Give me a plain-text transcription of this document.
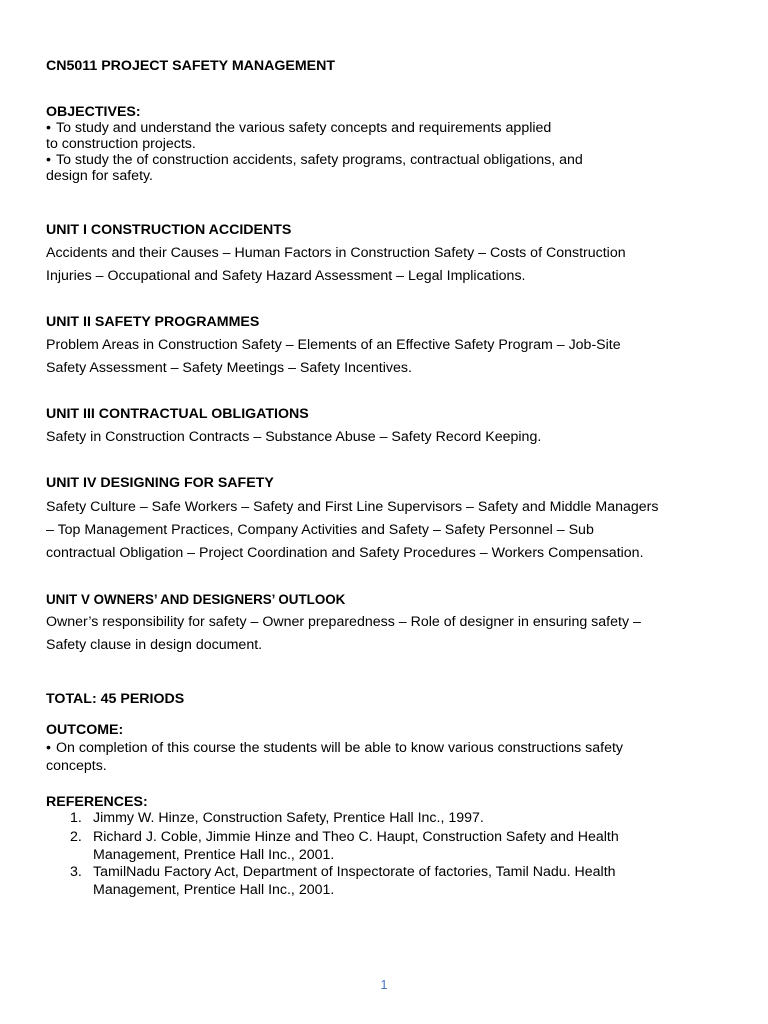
CN5011 PROJECT SAFETY MANAGEMENT
OBJECTIVES:
• To study and understand the various safety concepts and requirements applied
to construction projects.
• To study the of construction accidents, safety programs, contractual obligations, and
design for safety.
UNIT I CONSTRUCTION ACCIDENTS
Accidents and their Causes – Human Factors in Construction Safety – Costs of Construction
Injuries – Occupational and Safety Hazard Assessment – Legal Implications.
UNIT II SAFETY PROGRAMMES
Problem Areas in Construction Safety – Elements of an Effective Safety Program – Job-Site
Safety Assessment – Safety Meetings – Safety Incentives.
UNIT III CONTRACTUAL OBLIGATIONS
Safety in Construction Contracts – Substance Abuse – Safety Record Keeping.
UNIT IV DESIGNING FOR SAFETY
Safety Culture – Safe Workers – Safety and First Line Supervisors – Safety and Middle Managers
– Top Management Practices, Company Activities and Safety – Safety Personnel – Sub
contractual Obligation – Project Coordination and Safety Procedures – Workers Compensation.
UNIT V OWNERS’ AND DESIGNERS’ OUTLOOK
Owner’s responsibility for safety – Owner preparedness – Role of designer in ensuring safety –
Safety clause in design document.
TOTAL: 45 PERIODS
OUTCOME:
• On completion of this course the students will be able to know various constructions safety
concepts.
REFERENCES:
1. Jimmy W. Hinze, Construction Safety, Prentice Hall Inc., 1997.
2. Richard J. Coble, Jimmie Hinze and Theo C. Haupt, Construction Safety and Health
Management, Prentice Hall Inc., 2001.
3. TamilNadu Factory Act, Department of Inspectorate of factories, Tamil Nadu. Health
Management, Prentice Hall Inc., 2001.
1
